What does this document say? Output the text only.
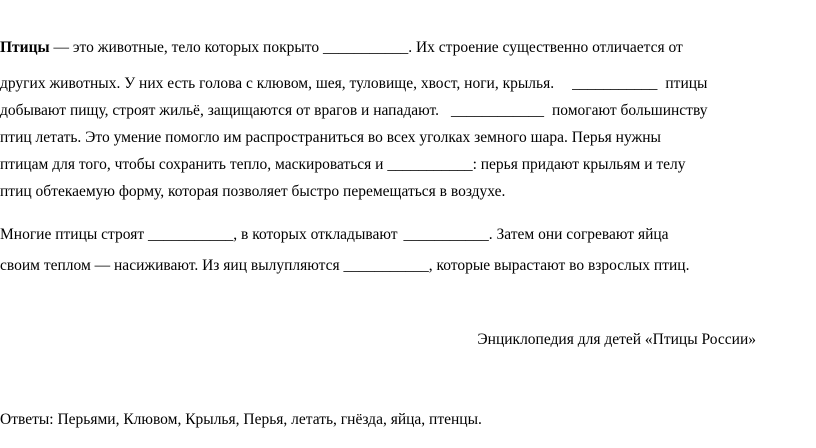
Птицы — это животные, тело которых покрыто ___________. Их строение существенно отличается от
других животных. У них есть голова с клювом, шея, туловище, хвост, ноги, крылья. ___________ птицы
добывают пищу, строят жильё, защищаются от врагов и нападают. ____________ помогают большинству
птиц летать. Это умение помогло им распространиться во всех уголках земного шара. Перья нужны
птицам для того, чтобы сохранить тепло, маскироваться и ___________: перья придают крыльям и телу
птиц обтекаемую форму, которая позволяет быстро перемещаться в воздухе.
Многие птицы строят ___________, в которых откладывают ___________. Затем они согревают яйца
своим теплом — насиживают. Из яиц вылупляются ___________, которые вырастают во взрослых птиц.
Энциклопедия для детей «Птицы России»
Ответы: Перьями, Клювом, Крылья, Перья, летать, гнёзда, яйца, птенцы.
